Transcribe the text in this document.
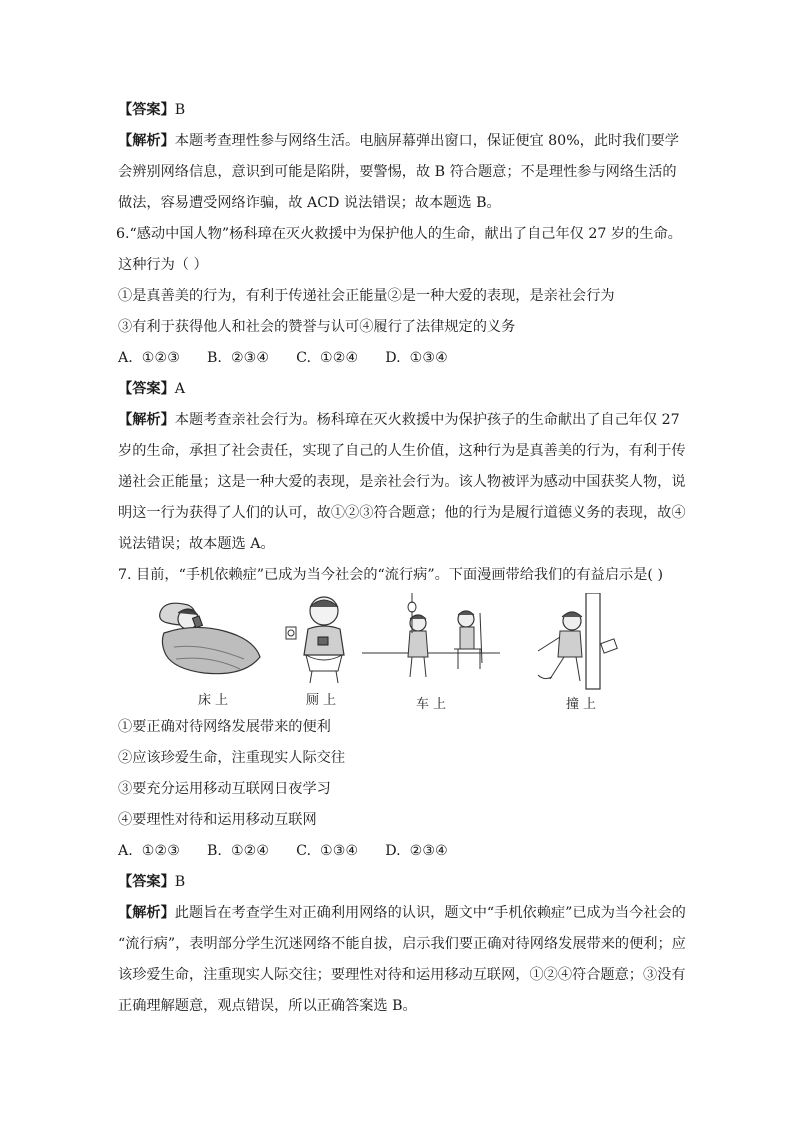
【答案】B
【解析】本题考查理性参与网络生活。电脑屏幕弹出窗口，保证便宜 80%，此时我们要学
会辨别网络信息，意识到可能是陷阱，要警惕，故 B 符合题意；不是理性参与网络生活的
做法，容易遭受网络诈骗，故 ACD 说法错误；故本题选 B。
6.“感动中国人物”杨科璋在灭火救援中为保护他人的生命，献出了自己年仅 27 岁的生命。
这种行为（ ）
①是真善美的行为，有利于传递社会正能量②是一种大爱的表现，是亲社会行为
③有利于获得他人和社会的赞誉与认可④履行了法律规定的义务
A.  ①②③      B.  ②③④      C.  ①②④      D.  ①③④
【答案】A
【解析】本题考查亲社会行为。杨科璋在灭火救援中为保护孩子的生命献出了自己年仅 27
岁的生命，承担了社会责任，实现了自己的人生价值，这种行为是真善美的行为，有利于传
递社会正能量；这是一种大爱的表现，是亲社会行为。该人物被评为感动中国获奖人物，说
明这一行为获得了人们的认可，故①②③符合题意；他的行为是履行道德义务的表现，故④
说法错误；故本题选 A。
7. 目前，“手机依赖症”已成为当今社会的“流行病”。下面漫画带给我们的有益启示是( )
床上	厕上	车上	撞上
①要正确对待网络发展带来的便利
②应该珍爱生命，注重现实人际交往
③要充分运用移动互联网日夜学习
④要理性对待和运用移动互联网
A.  ①②③      B.  ①②④      C.  ①③④      D.  ②③④
【答案】B
【解析】此题旨在考查学生对正确利用网络的认识，题文中“手机依赖症”已成为当今社会的
“流行病”，表明部分学生沉迷网络不能自拔，启示我们要正确对待网络发展带来的便利；应
该珍爱生命，注重现实人际交往；要理性对待和运用移动互联网，①②④符合题意；③没有
正确理解题意，观点错误，所以正确答案选 B。
